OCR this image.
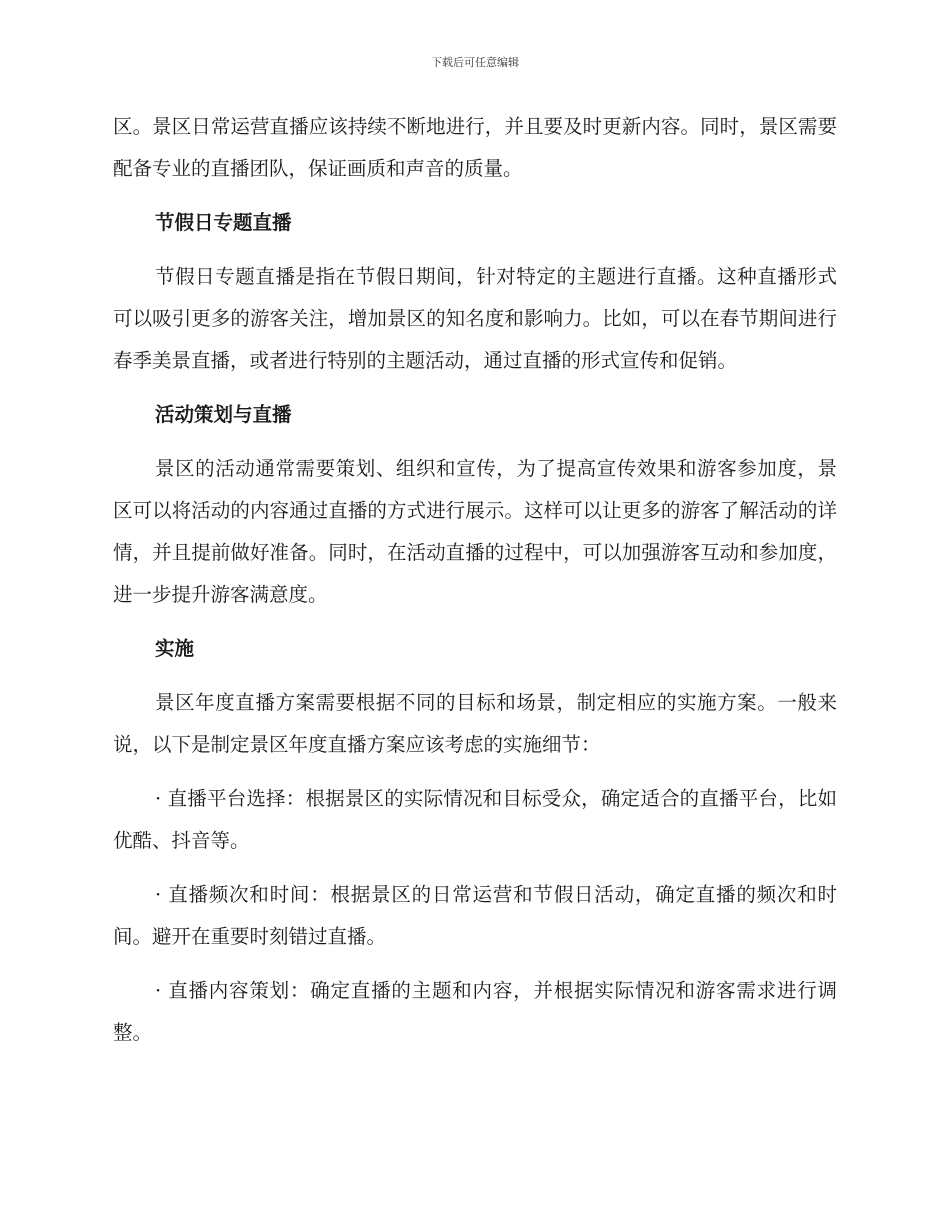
下载后可任意编辑

区。景区日常运营直播应该持续不断地进行，并且要及时更新内容。同时，景区需要配备专业的直播团队，保证画质和声音的质量。

节假日专题直播

节假日专题直播是指在节假日期间，针对特定的主题进行直播。这种直播形式可以吸引更多的游客关注，增加景区的知名度和影响力。比如，可以在春节期间进行春季美景直播，或者进行特别的主题活动，通过直播的形式宣传和促销。

活动策划与直播

景区的活动通常需要策划、组织和宣传，为了提高宣传效果和游客参加度，景区可以将活动的内容通过直播的方式进行展示。这样可以让更多的游客了解活动的详情，并且提前做好准备。同时，在活动直播的过程中，可以加强游客互动和参加度，进一步提升游客满意度。

实施

景区年度直播方案需要根据不同的目标和场景，制定相应的实施方案。一般来说，以下是制定景区年度直播方案应该考虑的实施细节：

· 直播平台选择：根据景区的实际情况和目标受众，确定适合的直播平台，比如优酷、抖音等。

· 直播频次和时间：根据景区的日常运营和节假日活动，确定直播的频次和时间。避开在重要时刻错过直播。

· 直播内容策划：确定直播的主题和内容，并根据实际情况和游客需求进行调整。
